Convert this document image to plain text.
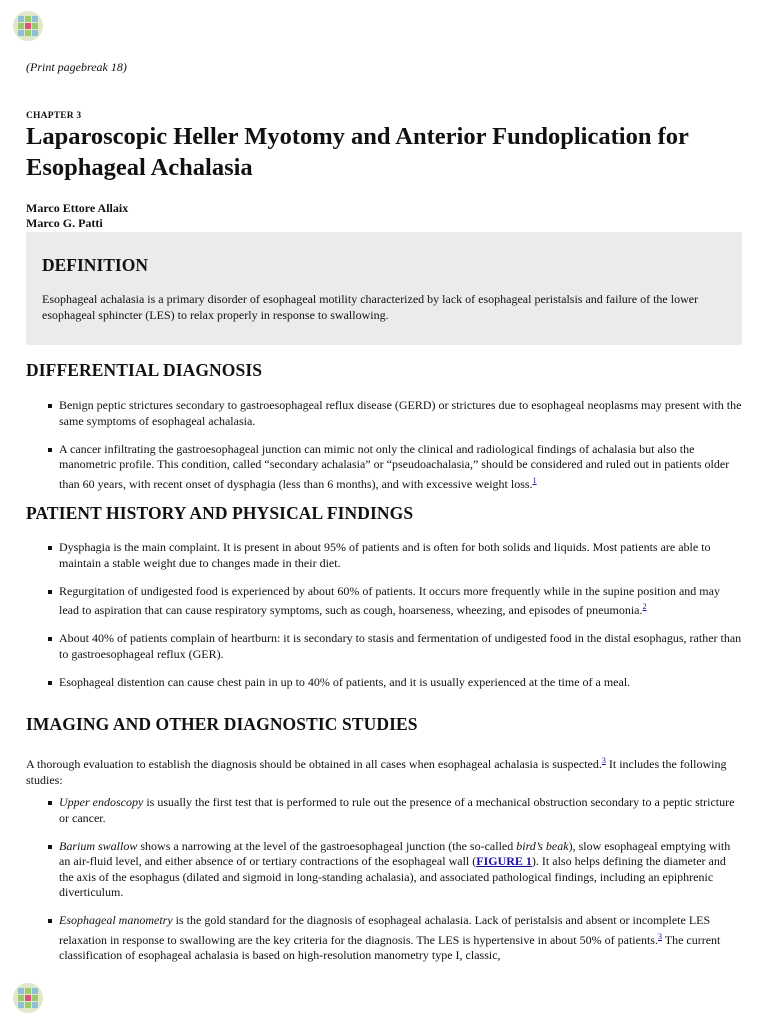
(Print pagebreak 18)
CHAPTER 3
Laparoscopic Heller Myotomy and Anterior Fundoplication for Esophageal Achalasia
Marco Ettore Allaix
Marco G. Patti
DEFINITION

Esophageal achalasia is a primary disorder of esophageal motility characterized by lack of esophageal peristalsis and failure of the lower esophageal sphincter (LES) to relax properly in response to swallowing.

DIFFERENTIAL DIAGNOSIS
Benign peptic strictures secondary to gastroesophageal reflux disease (GERD) or strictures due to esophageal neoplasms may present with the same symptoms of esophageal achalasia.
A cancer infiltrating the gastroesophageal junction can mimic not only the clinical and radiological findings of achalasia but also the manometric profile. This condition, called “secondary achalasia” or “pseudoachalasia,” should be considered and ruled out in patients older than 60 years, with recent onset of dysphagia (less than 6 months), and with excessive weight loss.$^1$
PATIENT HISTORY AND PHYSICAL FINDINGS
Dysphagia is the main complaint. It is present in about 95% of patients and is often for both solids and liquids. Most patients are able to maintain a stable weight due to changes made in their diet.
Regurgitation of undigested food is experienced by about 60% of patients. It occurs more frequently while in the supine position and may lead to aspiration that can cause respiratory symptoms, such as cough, hoarseness, wheezing, and episodes of pneumonia.$^2$
About 40% of patients complain of heartburn: it is secondary to stasis and fermentation of undigested food in the distal esophagus, rather than to gastroesophageal reflux (GER).
Esophageal distention can cause chest pain in up to 40% of patients, and it is usually experienced at the time of a meal.
IMAGING AND OTHER DIAGNOSTIC STUDIES

A thorough evaluation to establish the diagnosis should be obtained in all cases when esophageal achalasia is suspected.$^3$ It includes the following studies:

Upper endoscopy is usually the first test that is performed to rule out the presence of a mechanical obstruction secondary to a peptic stricture or cancer.
Barium swallow shows a narrowing at the level of the gastroesophageal junction (the so-called bird’s beak), slow esophageal emptying with an air-fluid level, and either absence of or tertiary contractions of the esophageal wall (FIGURE 1). It also helps defining the diameter and the axis of the esophagus (dilated and sigmoid in long-standing achalasia), and associated pathological findings, including an epiphrenic diverticulum.
Esophageal manometry is the gold standard for the diagnosis of esophageal achalasia. Lack of peristalsis and absent or incomplete LES relaxation in response to swallowing are the key criteria for the diagnosis. The LES is hypertensive in about 50% of patients.$^3$ The current classification of esophageal achalasia is based on high-resolution manometry type I, classic,
